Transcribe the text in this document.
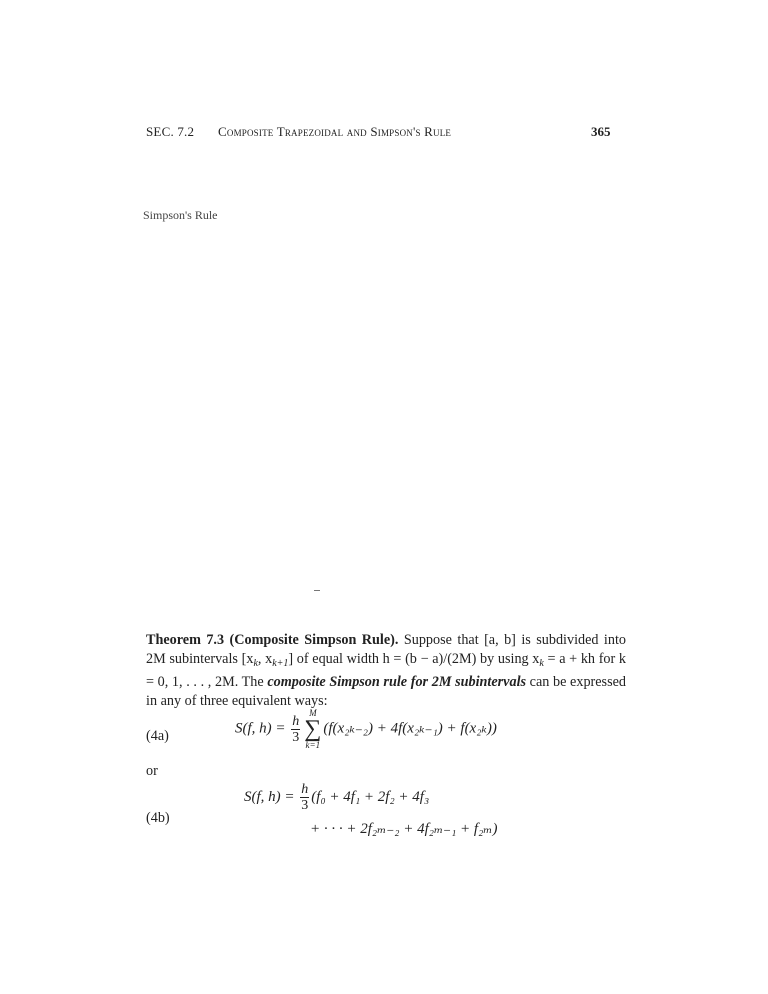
SEC. 7.2 Composite Trapezoidal and Simpson's Rule	365
Simpson's Rule
Theorem 7.3 (Composite Simpson Rule). Suppose that [a, b] is subdivided into 2M subintervals [$x_k$, $x_{k+1}$] of equal width h = (b − a)/(2M) by using $x_k = a$ + kh for k = 0, 1, . . . , 2M. The composite Simpson rule for 2M subintervals can be expressed in any of three equivalent ways:
(4a)	S(f, $h) = \frac{h}{3}$
M
∑
k=1
(f(x₂ₖ₋₂) + 4f(x₂ₖ₋₁) + f(x₂ₖ))
or
(4b)
S(f, $h) = \frac{h}{3} (f_0 + 4f_1 + 2f_2 + 4f_3$
+ · · · + 2f₂ₘ₋₂ + 4f₂ₘ₋₁ + f₂ₘ)
